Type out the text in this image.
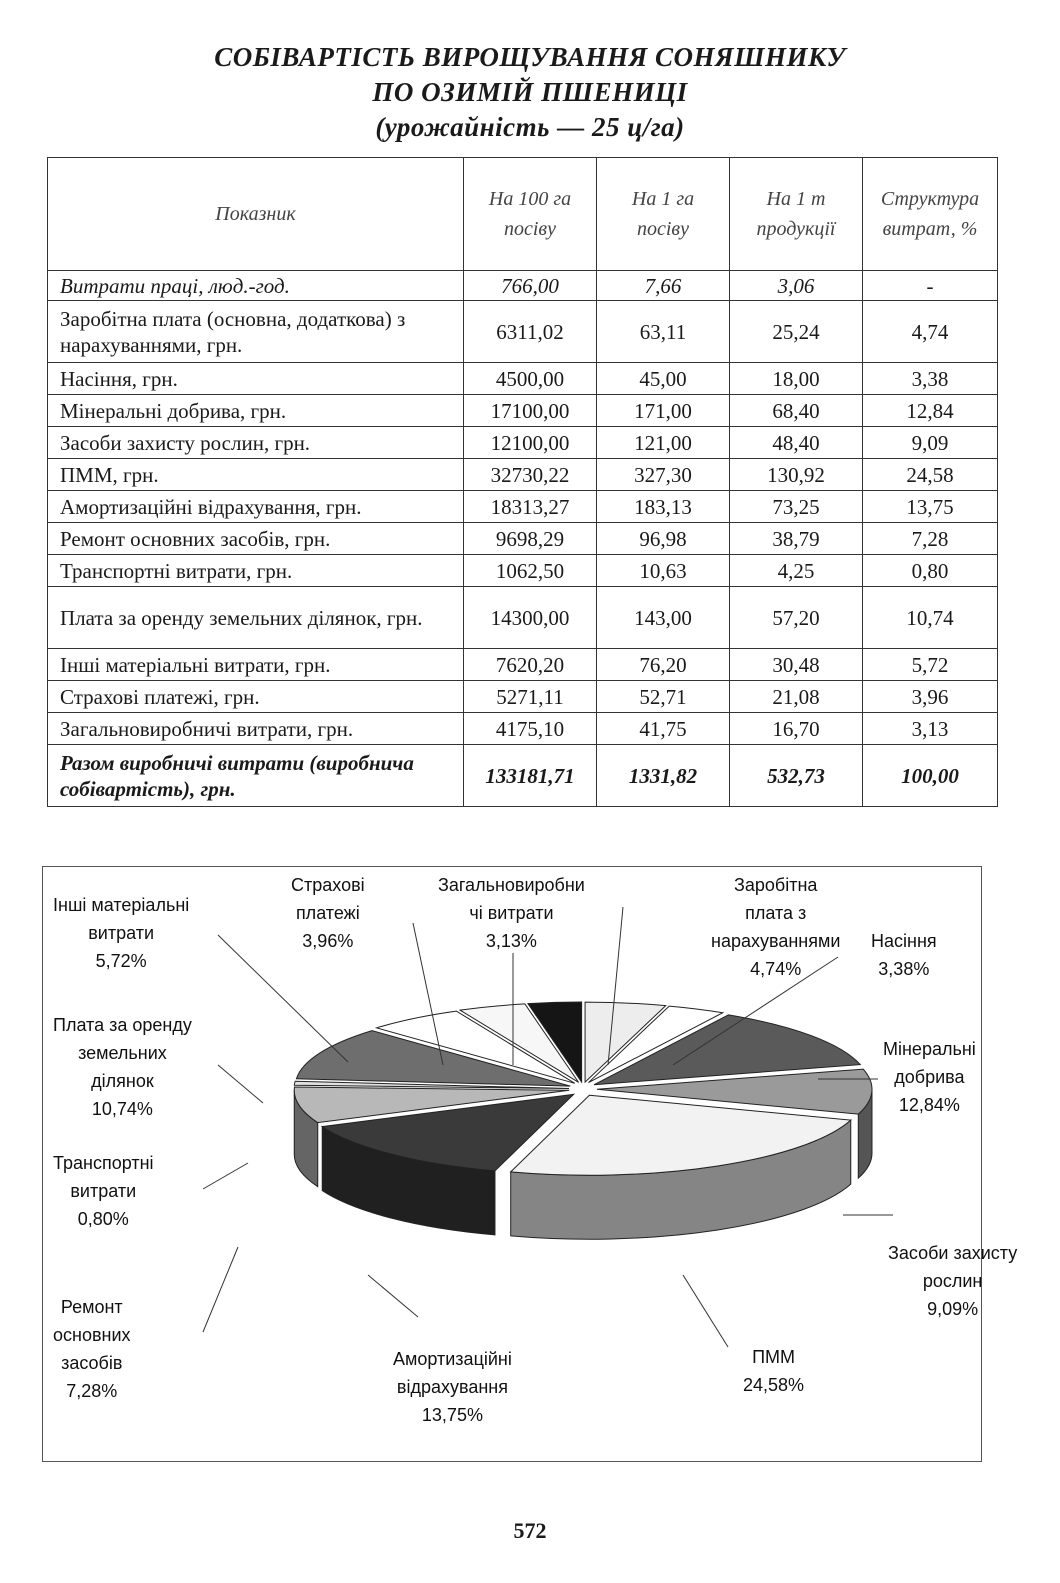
СОБІВАРТІСТЬ ВИРОЩУВАННЯ СОНЯШНИКУ
ПО ОЗИМІЙ ПШЕНИЦІ
(урожайність — 25 ц/га)
Показник	На 100 га посіву	На 1 га посіву	На 1 т продукції	Структура витрат, %
Витрати праці, люд.-год.	766,00	7,66	3,06	-
Заробітна плата (основна, додаткова) з нарахуваннями, грн.	6311,02	63,11	25,24	4,74
Насіння, грн.	4500,00	45,00	18,00	3,38
Мінеральні добрива, грн.	17100,00	171,00	68,40	12,84
Засоби захисту рослин, грн.	12100,00	121,00	48,40	9,09
ПММ, грн.	32730,22	327,30	130,92	24,58
Амортизаційні відрахування, грн.	18313,27	183,13	73,25	13,75
Ремонт основних засобів, грн.	9698,29	96,98	38,79	7,28
Транспортні витрати, грн.	1062,50	10,63	4,25	0,80
Плата за оренду земельних ділянок, грн.	14300,00	143,00	57,20	10,74
Інші матеріальні витрати, грн.	7620,20	76,20	30,48	5,72
Страхові платежі, грн.	5271,11	52,71	21,08	3,96
Загальновиробничі витрати, грн.	4175,10	41,75	16,70	3,13
Разом виробничі витрати (виробнича собівартість), грн.	133181,71	1331,82	532,73	100,00
Заробітна
плата з
нарахуваннями
4,74%
Насіння
3,38%
Мінеральні
добрива
12,84%
Засоби захисту
рослин
9,09%
ПММ
24,58%
Амортизаційні
відрахування
13,75%
Ремонт
основних
засобів
7,28%
Транспортні
витрати
0,80%
Плата за оренду
земельних
ділянок
10,74%
Інші матеріальні
витрати
5,72%
Страхові
платежі
3,96%
Загальновиробни
чі витрати
3,13%
572
